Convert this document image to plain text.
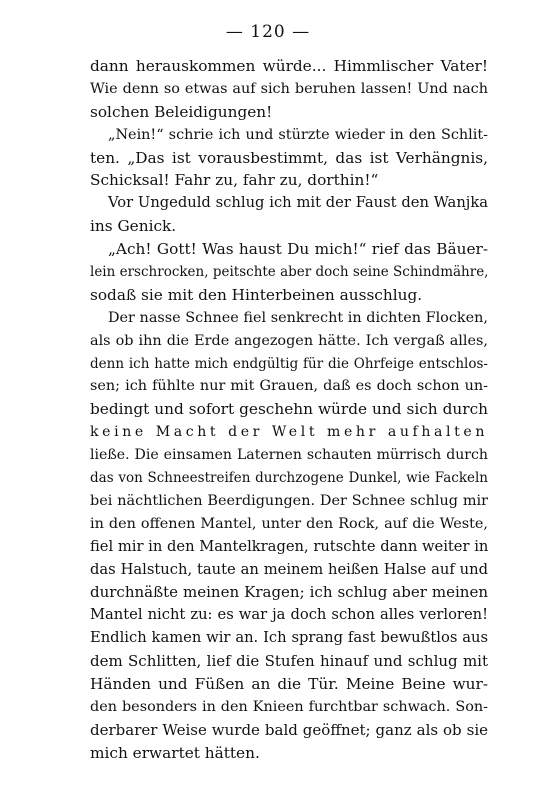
— 120 —
dann herauskommen würde... Himmlischer Vater!
Wie denn so etwas auf sich beruhen lassen! Und nach
solchen Beleidigungen!
„Nein!“ schrie ich und stürzte wieder in den Schlit-
ten. „Das ist vorausbestimmt, das ist Verhängnis,
Schicksal! Fahr zu, fahr zu, dorthin!“
Vor Ungeduld schlug ich mit der Faust den Wanjka
ins Genick.
„Ach! Gott! Was haust Du mich!“ rief das Bäuer-
lein erschrocken, peitschte aber doch seine Schindmähre,
sodaß sie mit den Hinterbeinen ausschlug.
Der nasse Schnee fiel senkrecht in dichten Flocken,
als ob ihn die Erde angezogen hätte. Ich vergaß alles,
denn ich hatte mich endgültig für die Ohrfeige entschlos-
sen; ich fühlte nur mit Grauen, daß es doch schon un-
bedingt und sofort geschehn würde und sich durch
keine Macht der Welt mehr aufhalten
ließe. Die einsamen Laternen schauten mürrisch durch
das von Schneestreifen durchzogene Dunkel, wie Fackeln
bei nächtlichen Beerdigungen. Der Schnee schlug mir
in den offenen Mantel, unter den Rock, auf die Weste,
fiel mir in den Mantelkragen, rutschte dann weiter in
das Halstuch, taute an meinem heißen Halse auf und
durchnäßte meinen Kragen; ich schlug aber meinen
Mantel nicht zu: es war ja doch schon alles verloren!
Endlich kamen wir an. Ich sprang fast bewußtlos aus
dem Schlitten, lief die Stufen hinauf und schlug mit
Händen und Füßen an die Tür. Meine Beine wur-
den besonders in den Knieen furchtbar schwach. Son-
derbarer Weise wurde bald geöffnet; ganz als ob sie
mich erwartet hätten.
